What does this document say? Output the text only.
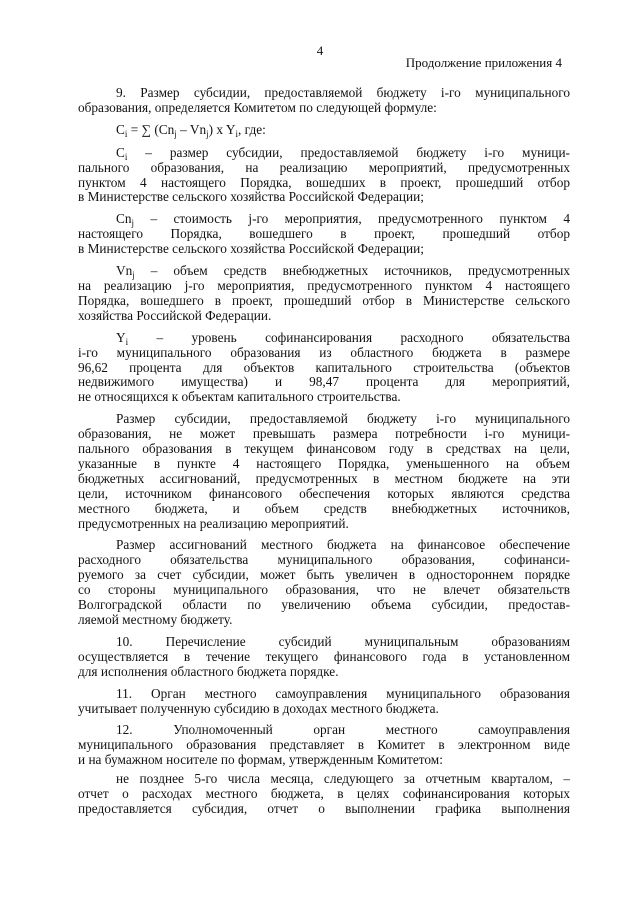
4
Продолжение приложения 4
9. Размер субсидии, предоставляемой бюджету i-го муниципального
образования, определяется Комитетом по следующей формуле:
$C_i$ = ∑ $(Cn_j - Vn_j)$ x $Y_i$, где:
$C_i$ – размер субсидии, предоставляемой бюджету i-го муници-
пального образования, на реализацию мероприятий, предусмотренных
пунктом 4 настоящего Порядка, вошедших в проект, прошедший отбор
в Министерстве сельского хозяйства Российской Федерации;
$Cn_j$ – стоимость j-го мероприятия, предусмотренного пунктом 4
настоящего Порядка, вошедшего в проект, прошедший отбор
в Министерстве сельского хозяйства Российской Федерации;
$Vn_j$ – объем средств внебюджетных источников, предусмотренных
на реализацию j-го мероприятия, предусмотренного пунктом 4 настоящего
Порядка, вошедшего в проект, прошедший отбор в Министерстве сельского
хозяйства Российской Федерации.
$Y_i$ – уровень софинансирования расходного обязательства
i-го муниципального образования из областного бюджета в размере
96,62 процента для объектов капитального строительства (объектов
недвижимого имущества) и 98,47 процента для мероприятий,
не относящихся к объектам капитального строительства.
Размер субсидии, предоставляемой бюджету i-го муниципального
образования, не может превышать размера потребности i-го муници-
пального образования в текущем финансовом году в средствах на цели,
указанные в пункте 4 настоящего Порядка, уменьшенного на объем
бюджетных ассигнований, предусмотренных в местном бюджете на эти
цели, источником финансового обеспечения которых являются средства
местного бюджета, и объем средств внебюджетных источников,
предусмотренных на реализацию мероприятий.
Размер ассигнований местного бюджета на финансовое обеспечение
расходного обязательства муниципального образования, софинанси-
руемого за счет субсидии, может быть увеличен в одностороннем порядке
со стороны муниципального образования, что не влечет обязательств
Волгоградской области по увеличению объема субсидии, предостав-
ляемой местному бюджету.
10. Перечисление субсидий муниципальным образованиям
осуществляется в течение текущего финансового года в установленном
для исполнения областного бюджета порядке.
11. Орган местного самоуправления муниципального образования
учитывает полученную субсидию в доходах местного бюджета.
12. Уполномоченный орган местного самоуправления
муниципального образования представляет в Комитет в электронном виде
и на бумажном носителе по формам, утвержденным Комитетом:
не позднее 5-го числа месяца, следующего за отчетным кварталом, –
отчет о расходах местного бюджета, в целях софинансирования которых
предоставляется субсидия, отчет о выполнении графика выполнения
